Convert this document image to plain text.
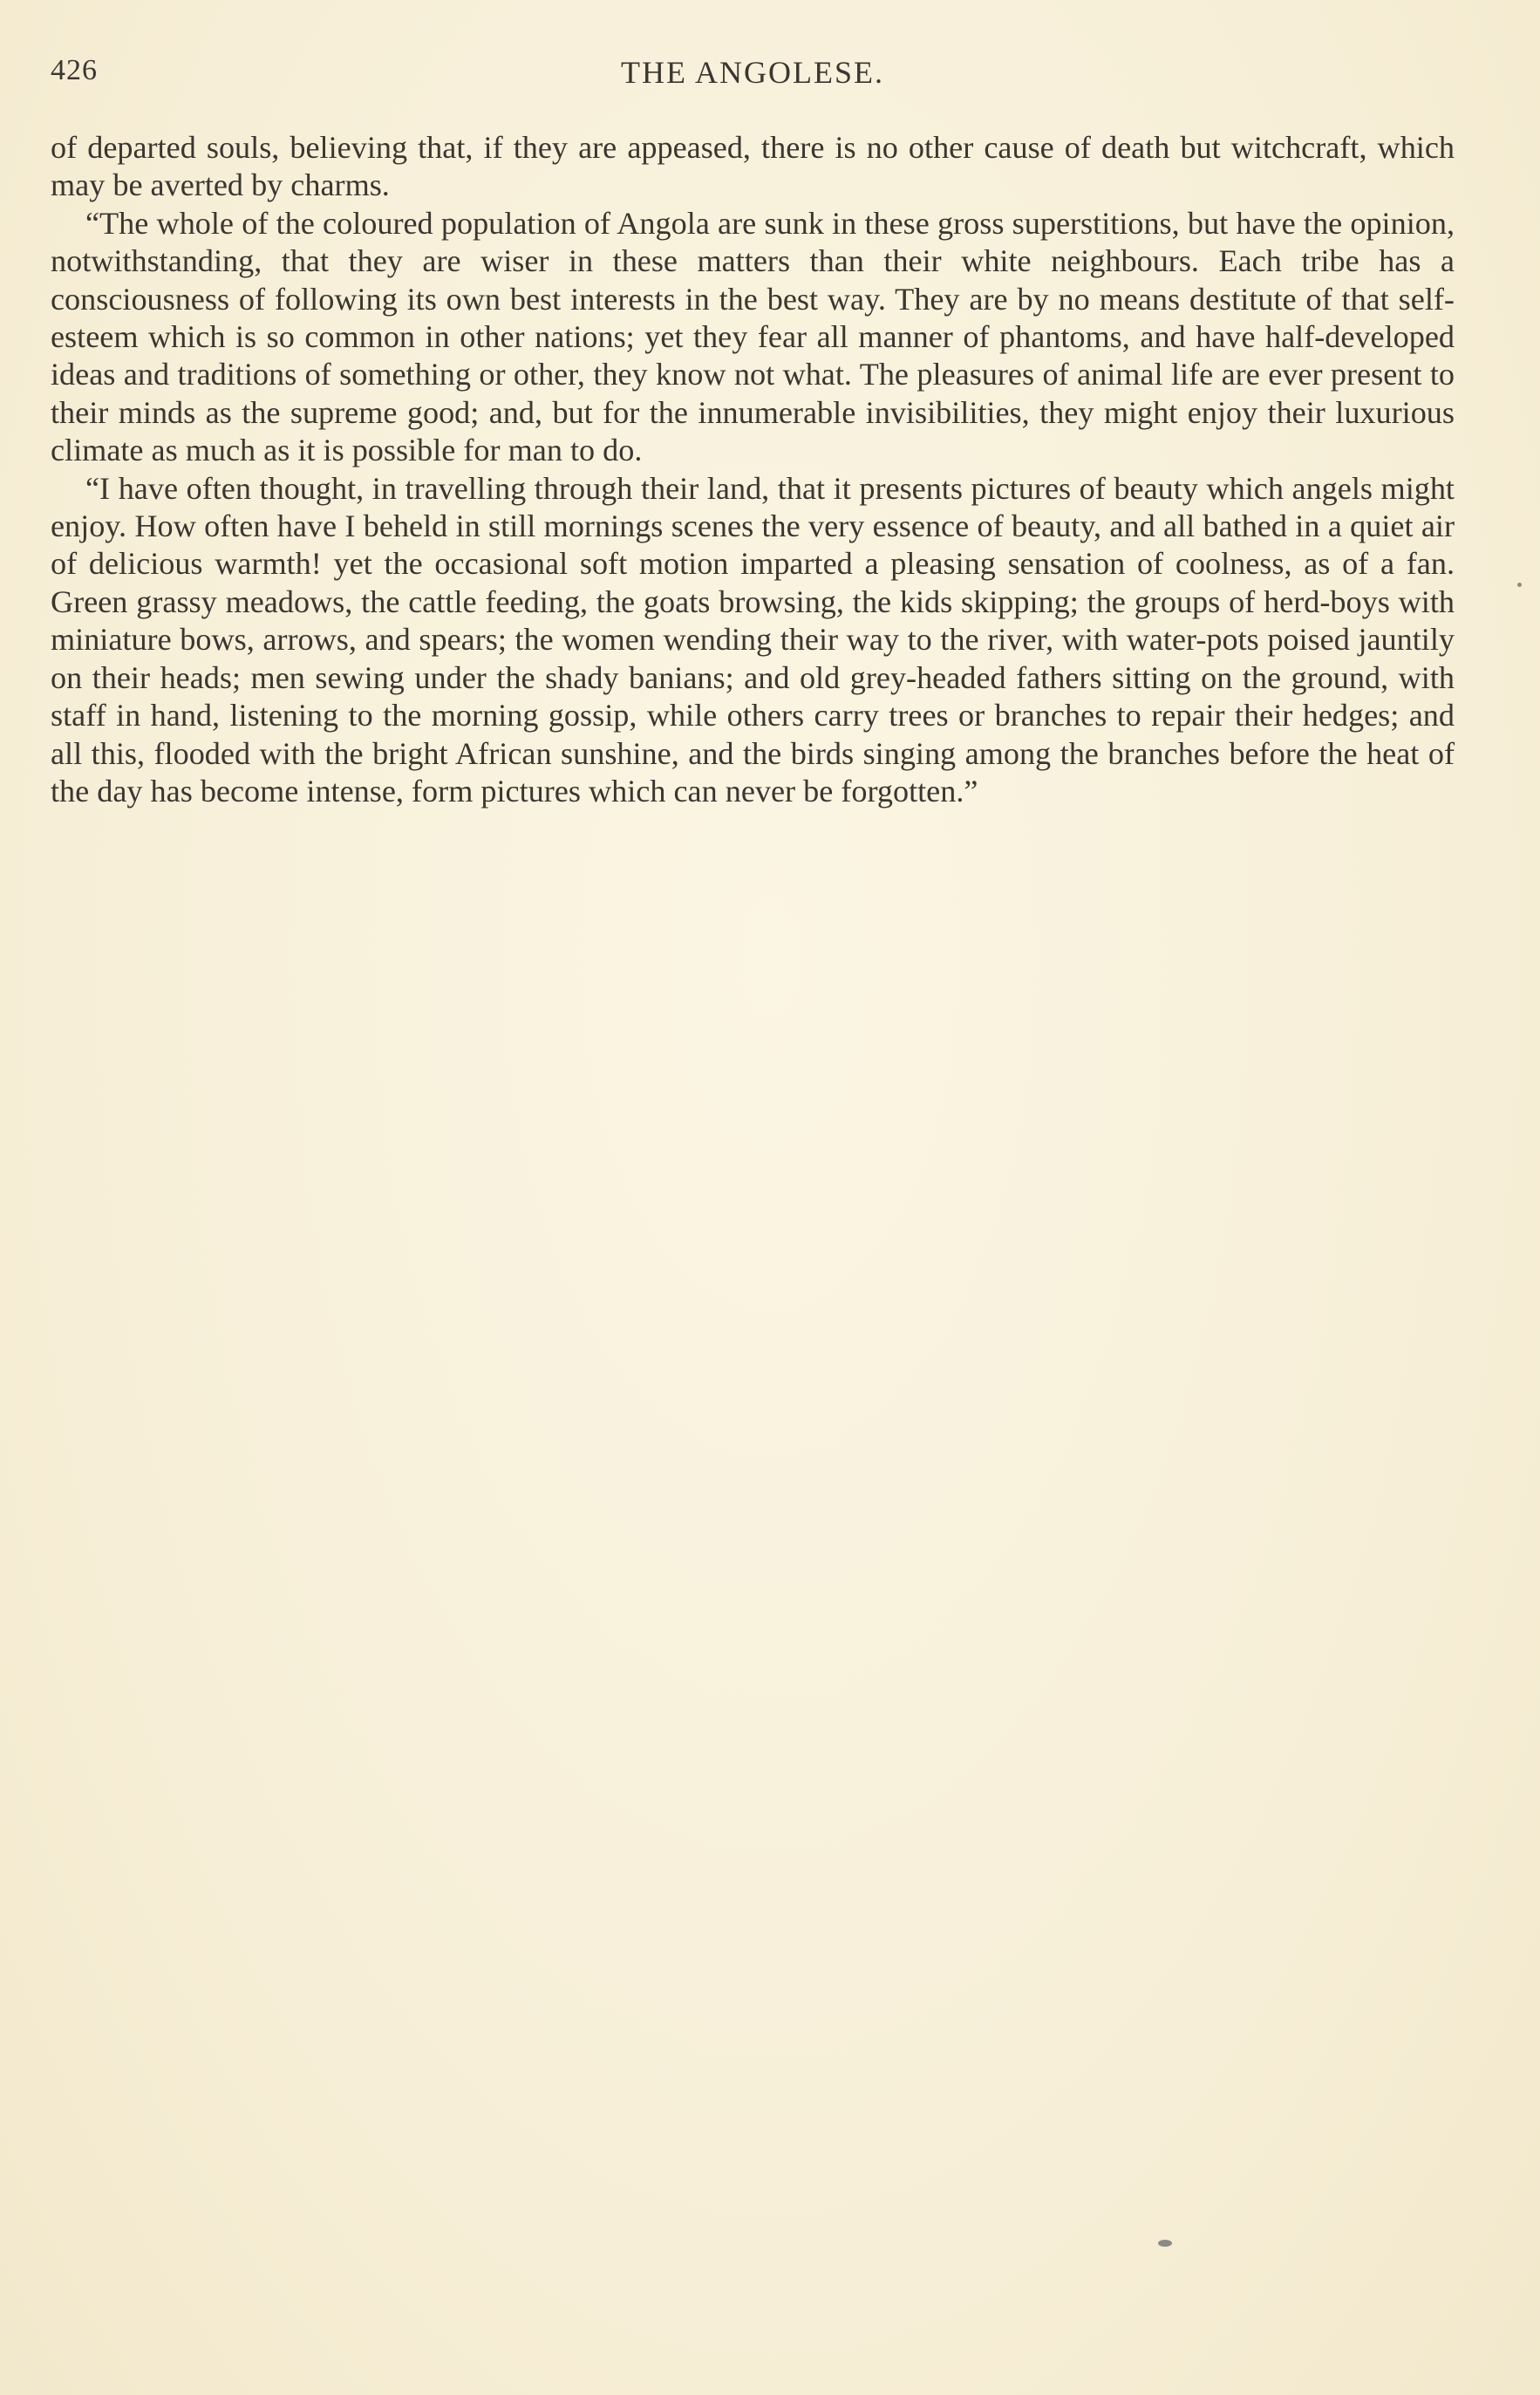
426	THE ANGOLESE.

of departed souls, believing that, if they are appeased, there is no other cause of death but witchcraft, which may be averted by charms.

“The whole of the coloured population of Angola are sunk in these gross superstitions, but have the opinion, notwithstanding, that they are wiser in these matters than their white neighbours. Each tribe has a consciousness of following its own best interests in the best way. They are by no means destitute of that self-esteem which is so common in other nations; yet they fear all manner of phantoms, and have half-developed ideas and traditions of something or other, they know not what. The pleasures of animal life are ever present to their minds as the supreme good; and, but for the innumerable invisibilities, they might enjoy their luxurious climate as much as it is possible for man to do.

“I have often thought, in travelling through their land, that it presents pictures of beauty which angels might enjoy. How often have I beheld in still mornings scenes the very essence of beauty, and all bathed in a quiet air of delicious warmth! yet the occasional soft motion imparted a pleasing sensation of coolness, as of a fan. Green grassy meadows, the cattle feeding, the goats browsing, the kids skipping; the groups of herd-boys with miniature bows, arrows, and spears; the women wending their way to the river, with water-pots poised jauntily on their heads; men sewing under the shady banians; and old grey-headed fathers sitting on the ground, with staff in hand, listening to the morning gossip, while others carry trees or branches to repair their hedges; and all this, flooded with the bright African sunshine, and the birds singing among the branches before the heat of the day has become intense, form pictures which can never be forgotten.”
